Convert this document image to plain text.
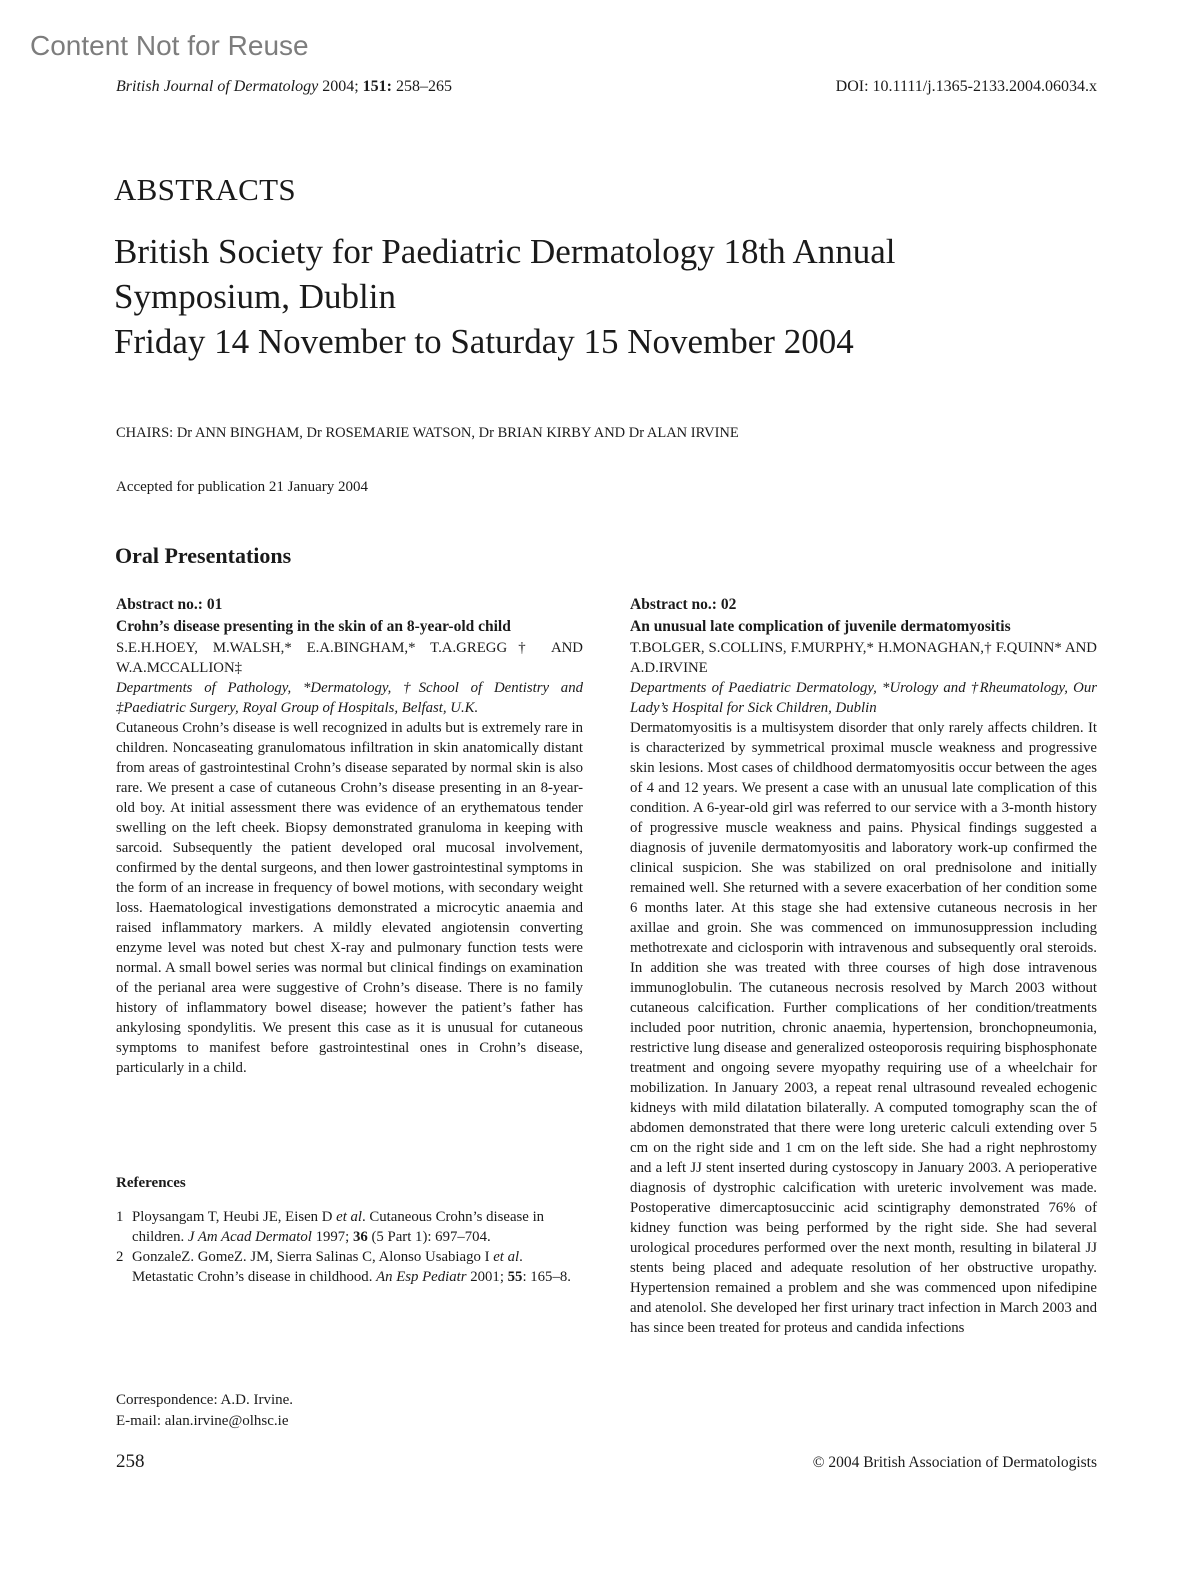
Content Not for Reuse
British Journal of Dermatology 2004; 151: 258–265	DOI: 10.1111/j.1365-2133.2004.06034.x
ABSTRACTS
British Society for Paediatric Dermatology 18th Annual
Symposium, Dublin
Friday 14 November to Saturday 15 November 2004
CHAIRS: Dr ANN BINGHAM, Dr ROSEMARIE WATSON, Dr BRIAN KIRBY AND Dr ALAN IRVINE
Accepted for publication 21 January 2004
Oral Presentations
Abstract no.: 01
Crohn’s disease presenting in the skin of an 8-year-old child
S.E.H.HOEY, M.WALSH,* E.A.BINGHAM,* T.A.GREGG† AND W.A.MCCALLION‡
Departments of Pathology, *Dermatology, †School of Dentistry and ‡Paediatric Surgery, Royal Group of Hospitals, Belfast, U.K.
Cutaneous Crohn’s disease is well recognized in adults but is extremely rare in children. Noncaseating granulomatous infiltration in skin anatomically distant from areas of gastrointestinal Crohn’s disease separated by normal skin is also rare. We present a case of cutaneous Crohn’s disease presenting in an 8-year-old boy. At initial assessment there was evidence of an erythematous tender swelling on the left cheek. Biopsy demonstrated granuloma in keeping with sarcoid. Subsequently the patient developed oral mucosal involvement, confirmed by the dental surgeons, and then lower gastrointestinal symptoms in the form of an increase in frequency of bowel motions, with secondary weight loss. Haematological investigations demonstrated a microcytic anaemia and raised inflammatory markers. A mildly elevated angiotensin converting enzyme level was noted but chest X-ray and pulmonary function tests were normal. A small bowel series was normal but clinical findings on examination of the perianal area were suggestive of Crohn’s disease. There is no family history of inflammatory bowel disease; however the patient’s father has ankylosing spondylitis. We present this case as it is unusual for cutaneous symptoms to manifest before gastrointestinal ones in Crohn’s disease, particularly in a child.
References
1 Ploysangam T, Heubi JE, Eisen D et al. Cutaneous Crohn’s disease in children. J Am Acad Dermatol 1997; 36 (5 Part 1): 697–704.
2 GonzaleZ. GomeZ. JM, Sierra Salinas C, Alonso Usabiago I et al. Metastatic Crohn’s disease in childhood. An Esp Pediatr 2001; 55: 165–8.
Correspondence: A.D. Irvine.
E-mail: alan.irvine@olhsc.ie
Abstract no.: 02
An unusual late complication of juvenile dermatomyositis
T.BOLGER, S.COLLINS, F.MURPHY,* H.MONAGHAN,† F.QUINN* AND A.D.IRVINE
Departments of Paediatric Dermatology, *Urology and †Rheumatology, Our Lady’s Hospital for Sick Children, Dublin
Dermatomyositis is a multisystem disorder that only rarely affects children. It is characterized by symmetrical proximal muscle weakness and progressive skin lesions. Most cases of childhood dermatomyositis occur between the ages of 4 and 12 years. We present a case with an unusual late complication of this condition. A 6-year-old girl was referred to our service with a 3-month history of progressive muscle weakness and pains. Physical findings suggested a diagnosis of juvenile dermatomyositis and laboratory work-up confirmed the clinical suspicion. She was stabilized on oral prednisolone and initially remained well. She returned with a severe exacerbation of her condition some 6 months later. At this stage she had extensive cutaneous necrosis in her axillae and groin. She was commenced on immunosuppression including methotrexate and ciclosporin with intravenous and subsequently oral steroids. In addition she was treated with three courses of high dose intravenous immunoglobulin. The cutaneous necrosis resolved by March 2003 without cutaneous calcification. Further complications of her condition/treatments included poor nutrition, chronic anaemia, hypertension, bronchopneumonia, restrictive lung disease and generalized osteoporosis requiring bisphosphonate treatment and ongoing severe myopathy requiring use of a wheelchair for mobilization. In January 2003, a repeat renal ultrasound revealed echogenic kidneys with mild dilatation bilaterally. A computed tomography scan the of abdomen demonstrated that there were long ureteric calculi extending over 5 cm on the right side and 1 cm on the left side. She had a right nephrostomy and a left JJ stent inserted during cystoscopy in January 2003. A perioperative diagnosis of dystrophic calcification with ureteric involvement was made. Postoperative dimercaptosuccinic acid scintigraphy demonstrated 76% of kidney function was being performed by the right side. She had several urological procedures performed over the next month, resulting in bilateral JJ stents being placed and adequate resolution of her obstructive uropathy. Hypertension remained a problem and she was commenced upon nifedipine and atenolol. She developed her first urinary tract infection in March 2003 and has since been treated for proteus and candida infections
258	© 2004 British Association of Dermatologists
